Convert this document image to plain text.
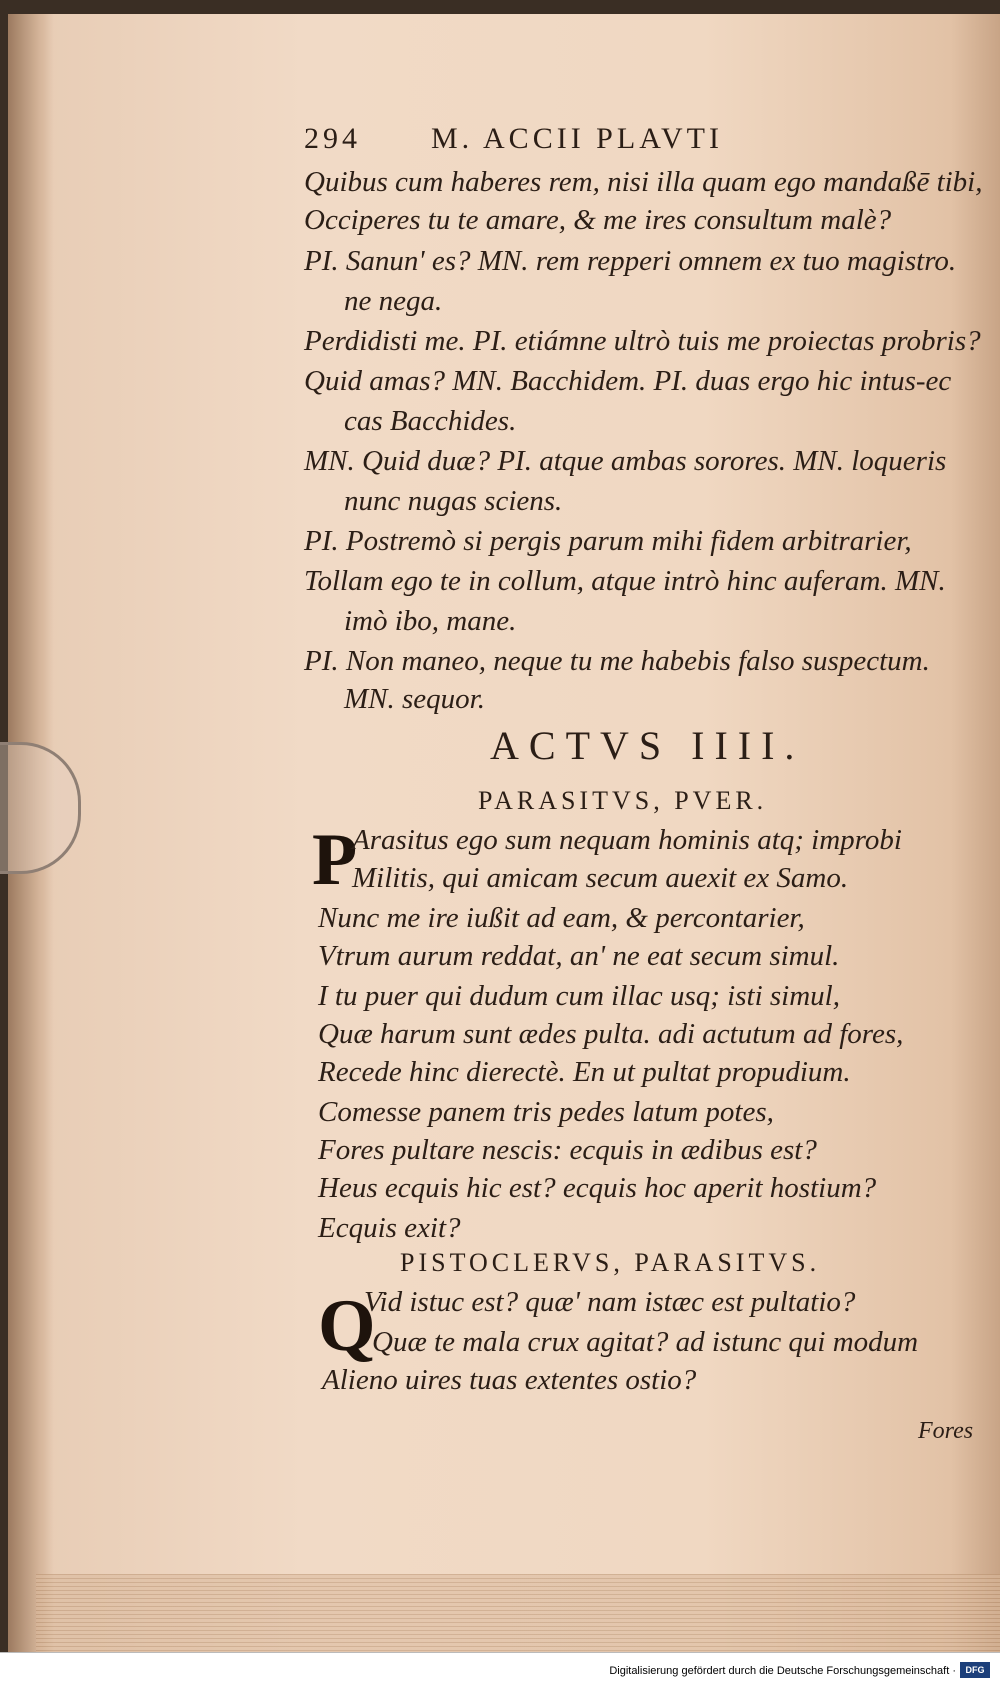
294 M. ACCII PLAVTI
Quibus cum haberes rem, nisi illa quam ego mandaßē tibi,
Occiperes tu te amare, & me ires consultum malè?
PI. Sanun' es? MN. rem repperi omnem ex tuo magistro.
ne nega.
Perdidisti me. PI. etiámne ultrò tuis me proiectas probris?
Quid amas? MN. Bacchidem. PI. duas ergo hic intus-ec
cas Bacchides.
MN. Quid duæ? PI. atque ambas sorores. MN. loqueris
nunc nugas sciens.
PI. Postremò si pergis parum mihi fidem arbitrarier,
Tollam ego te in collum, atque intrò hinc auferam. MN.
imò ibo, mane.
PI. Non maneo, neque tu me habebis falso suspectum.
MN. sequor.
ACTVS IIII.
PARASITVS, PVER.
P
Arasitus ego sum nequam hominis atq; improbi
Militis, qui amicam secum auexit ex Samo.
Nunc me ire iußit ad eam, & percontarier,
Vtrum aurum reddat, an' ne eat secum simul.
I tu puer qui dudum cum illac usq; isti simul,
Quæ harum sunt ædes pulta. adi actutum ad fores,
Recede hinc dierectè. En ut pultat propudium.
Comesse panem tris pedes latum potes,
Fores pultare nescis: ecquis in ædibus est?
Heus ecquis hic est? ecquis hoc aperit hostium?
Ecquis exit?
PISTOCLERVS, PARASITVS.
Q
Vid istuc est? quæ' nam istæc est pultatio?
Quæ te mala crux agitat? ad istunc qui modum
Alieno uires tuas extentes ostio?
Fores
Digitalisierung gefördert durch die Deutsche Forschungsgemeinschaft ·	DFG
